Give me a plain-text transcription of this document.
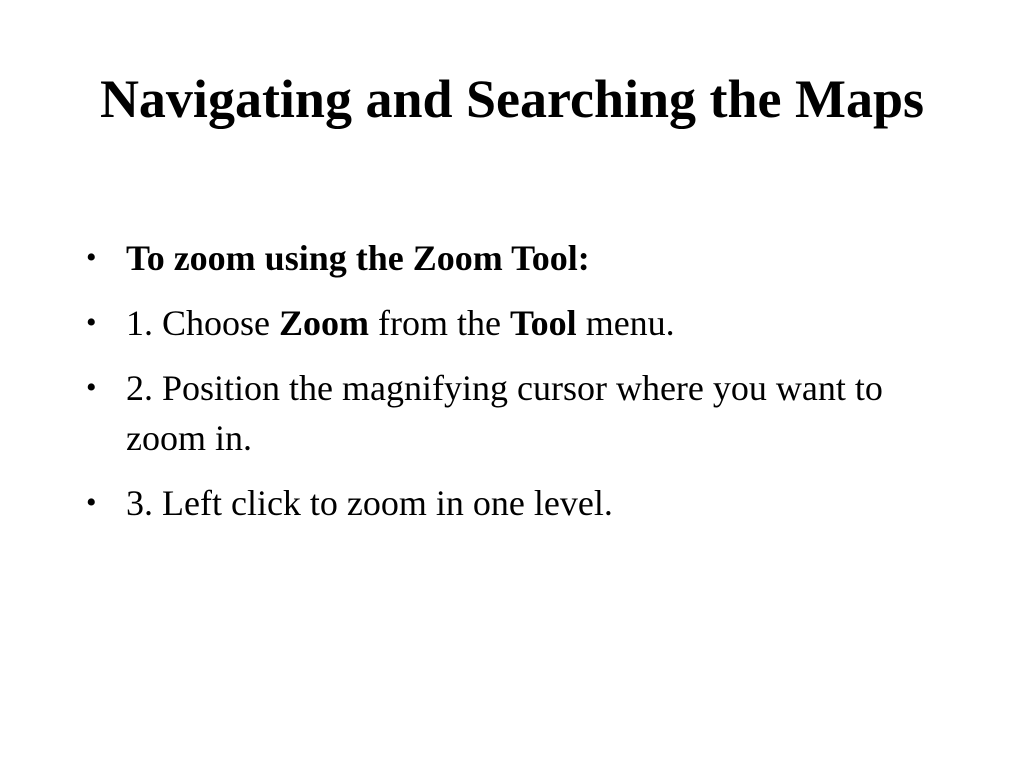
Navigating and Searching the Maps
• To zoom using the Zoom Tool:
• 1. Choose Zoom from the Tool menu.
• 2. Position the magnifying cursor where you want to zoom in.
• 3. Left click to zoom in one level.
